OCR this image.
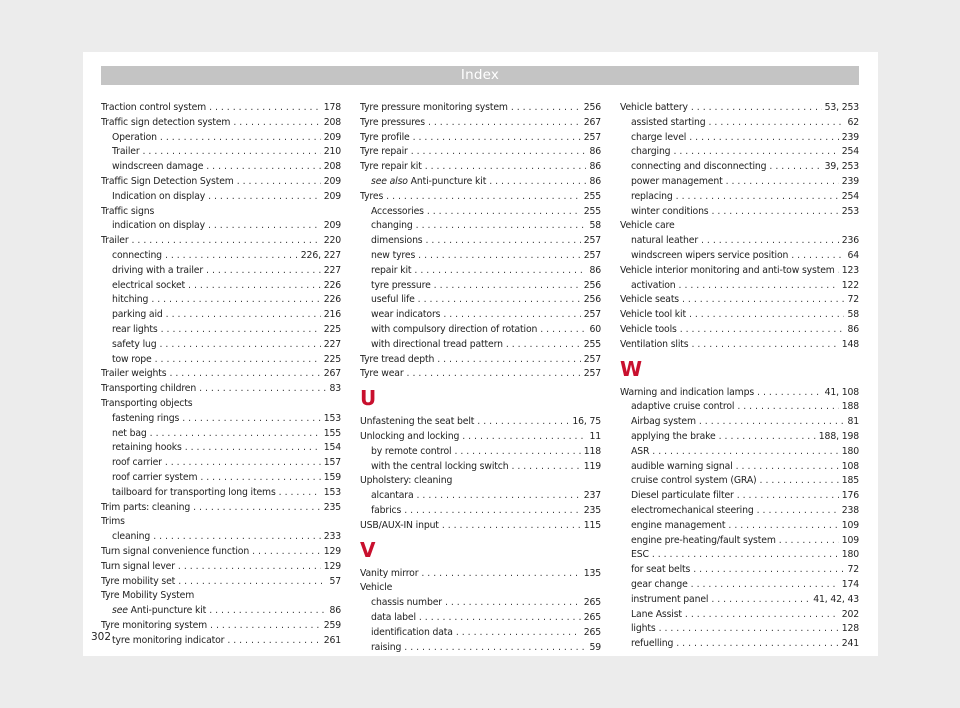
Index
Traction control system . . .	178
Traffic sign detection system . . .	208
Operation . . .	209
Trailer . . .	210
windscreen damage . . .	208
Traffic Sign Detection System . . .	209
Indication on display . . .	209
Traffic signs
indication on display . . .	209
Trailer . . .	220
connecting . . .	226, 227
driving with a trailer . . .	227
electrical socket . . .	226
hitching . . .	226
parking aid . . .	216
rear lights . . .	225
safety lug . . .	227
tow rope . . .	225
Trailer weights . . .	267
Transporting children . . .	83
Transporting objects
fastening rings . . .	153
net bag . . .	155
retaining hooks . . .	154
roof carrier . . .	157
roof carrier system . . .	159
tailboard for transporting long items . . .	153
Trim parts: cleaning . . .	235
Trims
cleaning . . .	233
Turn signal convenience function . . .	129
Turn signal lever . . .	129
Tyre mobility set . . .	57
Tyre Mobility System
see Anti-puncture kit . . .	86
Tyre monitoring system . . .	259
tyre monitoring indicator . . .	261
Tyre pressure monitoring system . . .	256
Tyre pressures . . .	267
Tyre profile . . .	257
Tyre repair . . .	86
Tyre repair kit . . .	86
see also Anti-puncture kit . . .	86
Tyres . . .	255
Accessories . . .	255
changing . . .	58
dimensions . . .	257
new tyres . . .	257
repair kit . . .	86
tyre pressure . . .	256
useful life . . .	256
wear indicators . . .	257
with compulsory direction of rotation . . .	60
with directional tread pattern . . .	255
Tyre tread depth . . .	257
Tyre wear . . .	257
U
Unfastening the seat belt . . .	16, 75
Unlocking and locking . . .	11
by remote control . . .	118
with the central locking switch . . .	119
Upholstery: cleaning
alcantara . . .	237
fabrics . . .	235
USB/AUX-IN input . . .	115
V
Vanity mirror . . .	135
Vehicle
chassis number . . .	265
data label . . .	265
identification data . . .	265
raising . . .	59
Vehicle battery . . .	53, 253
assisted starting . . .	62
charge level . . .	239
charging . . .	254
connecting and disconnecting . . .	39, 253
power management . . .	239
replacing . . .	254
winter conditions . . .	253
Vehicle care
natural leather . . .	236
windscreen wipers service position . . .	64
Vehicle interior monitoring and anti-tow system . . . 123
activation . . .	122
Vehicle seats . . .	72
Vehicle tool kit . . .	58
Vehicle tools . . .	86
Ventilation slits . . .	148
W
Warning and indication lamps . . .	41, 108
adaptive cruise control . . .	188
Airbag system . . .	81
applying the brake . . .	188, 198
ASR . . .	180
audible warning signal . . .	108
cruise control system (GRA) . . .	185
Diesel particulate filter . . .	176
electromechanical steering . . .	238
engine management . . .	109
engine pre-heating/fault system . . .	109
ESC . . .	180
for seat belts . . .	72
gear change . . .	174
instrument panel . . .	41, 42, 43
Lane Assist . . .	202
lights . . .	128
refuelling . . .	241
302
